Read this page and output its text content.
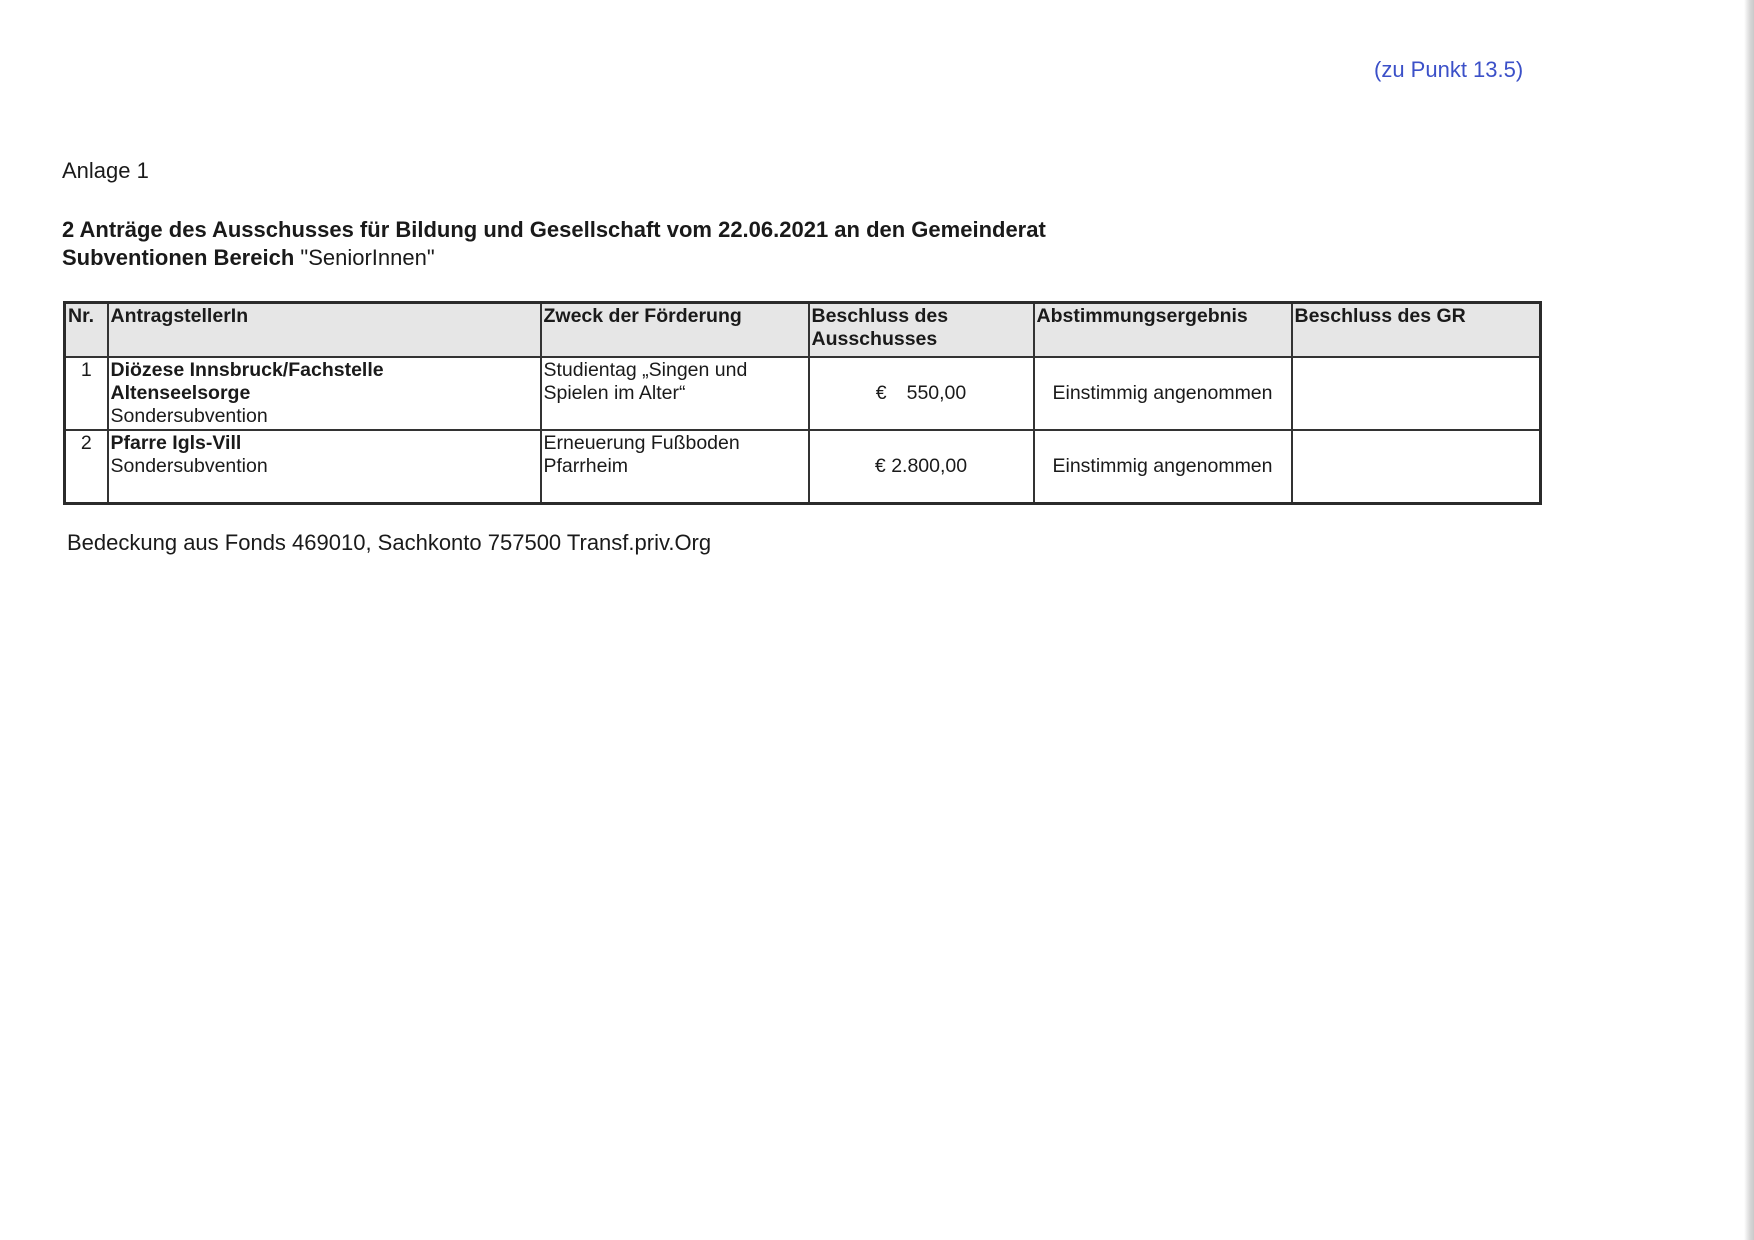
(zu Punkt 13.5)
Anlage 1
2 Anträge des Ausschusses für Bildung und Gesellschaft vom 22.06.2021 an den Gemeinderat
Subventionen Bereich "SeniorInnen"
Nr.	AntragstellerIn	Zweck der Förderung	Beschluss des Ausschusses	Abstimmungsergebnis	Beschluss des GR
1	Diözese Innsbruck/Fachstelle
Altenseelsorge
Sondersubvention	Studientag „Singen und
Spielen im Alter“	€ 550,00	Einstimmig angenommen	
2	Pfarre Igls-Vill
Sondersubvention	Erneuerung Fußboden
Pfarrheim	€ 2.800,00	Einstimmig angenommen	
Bedeckung aus Fonds 469010, Sachkonto 757500 Transf.priv.Org
